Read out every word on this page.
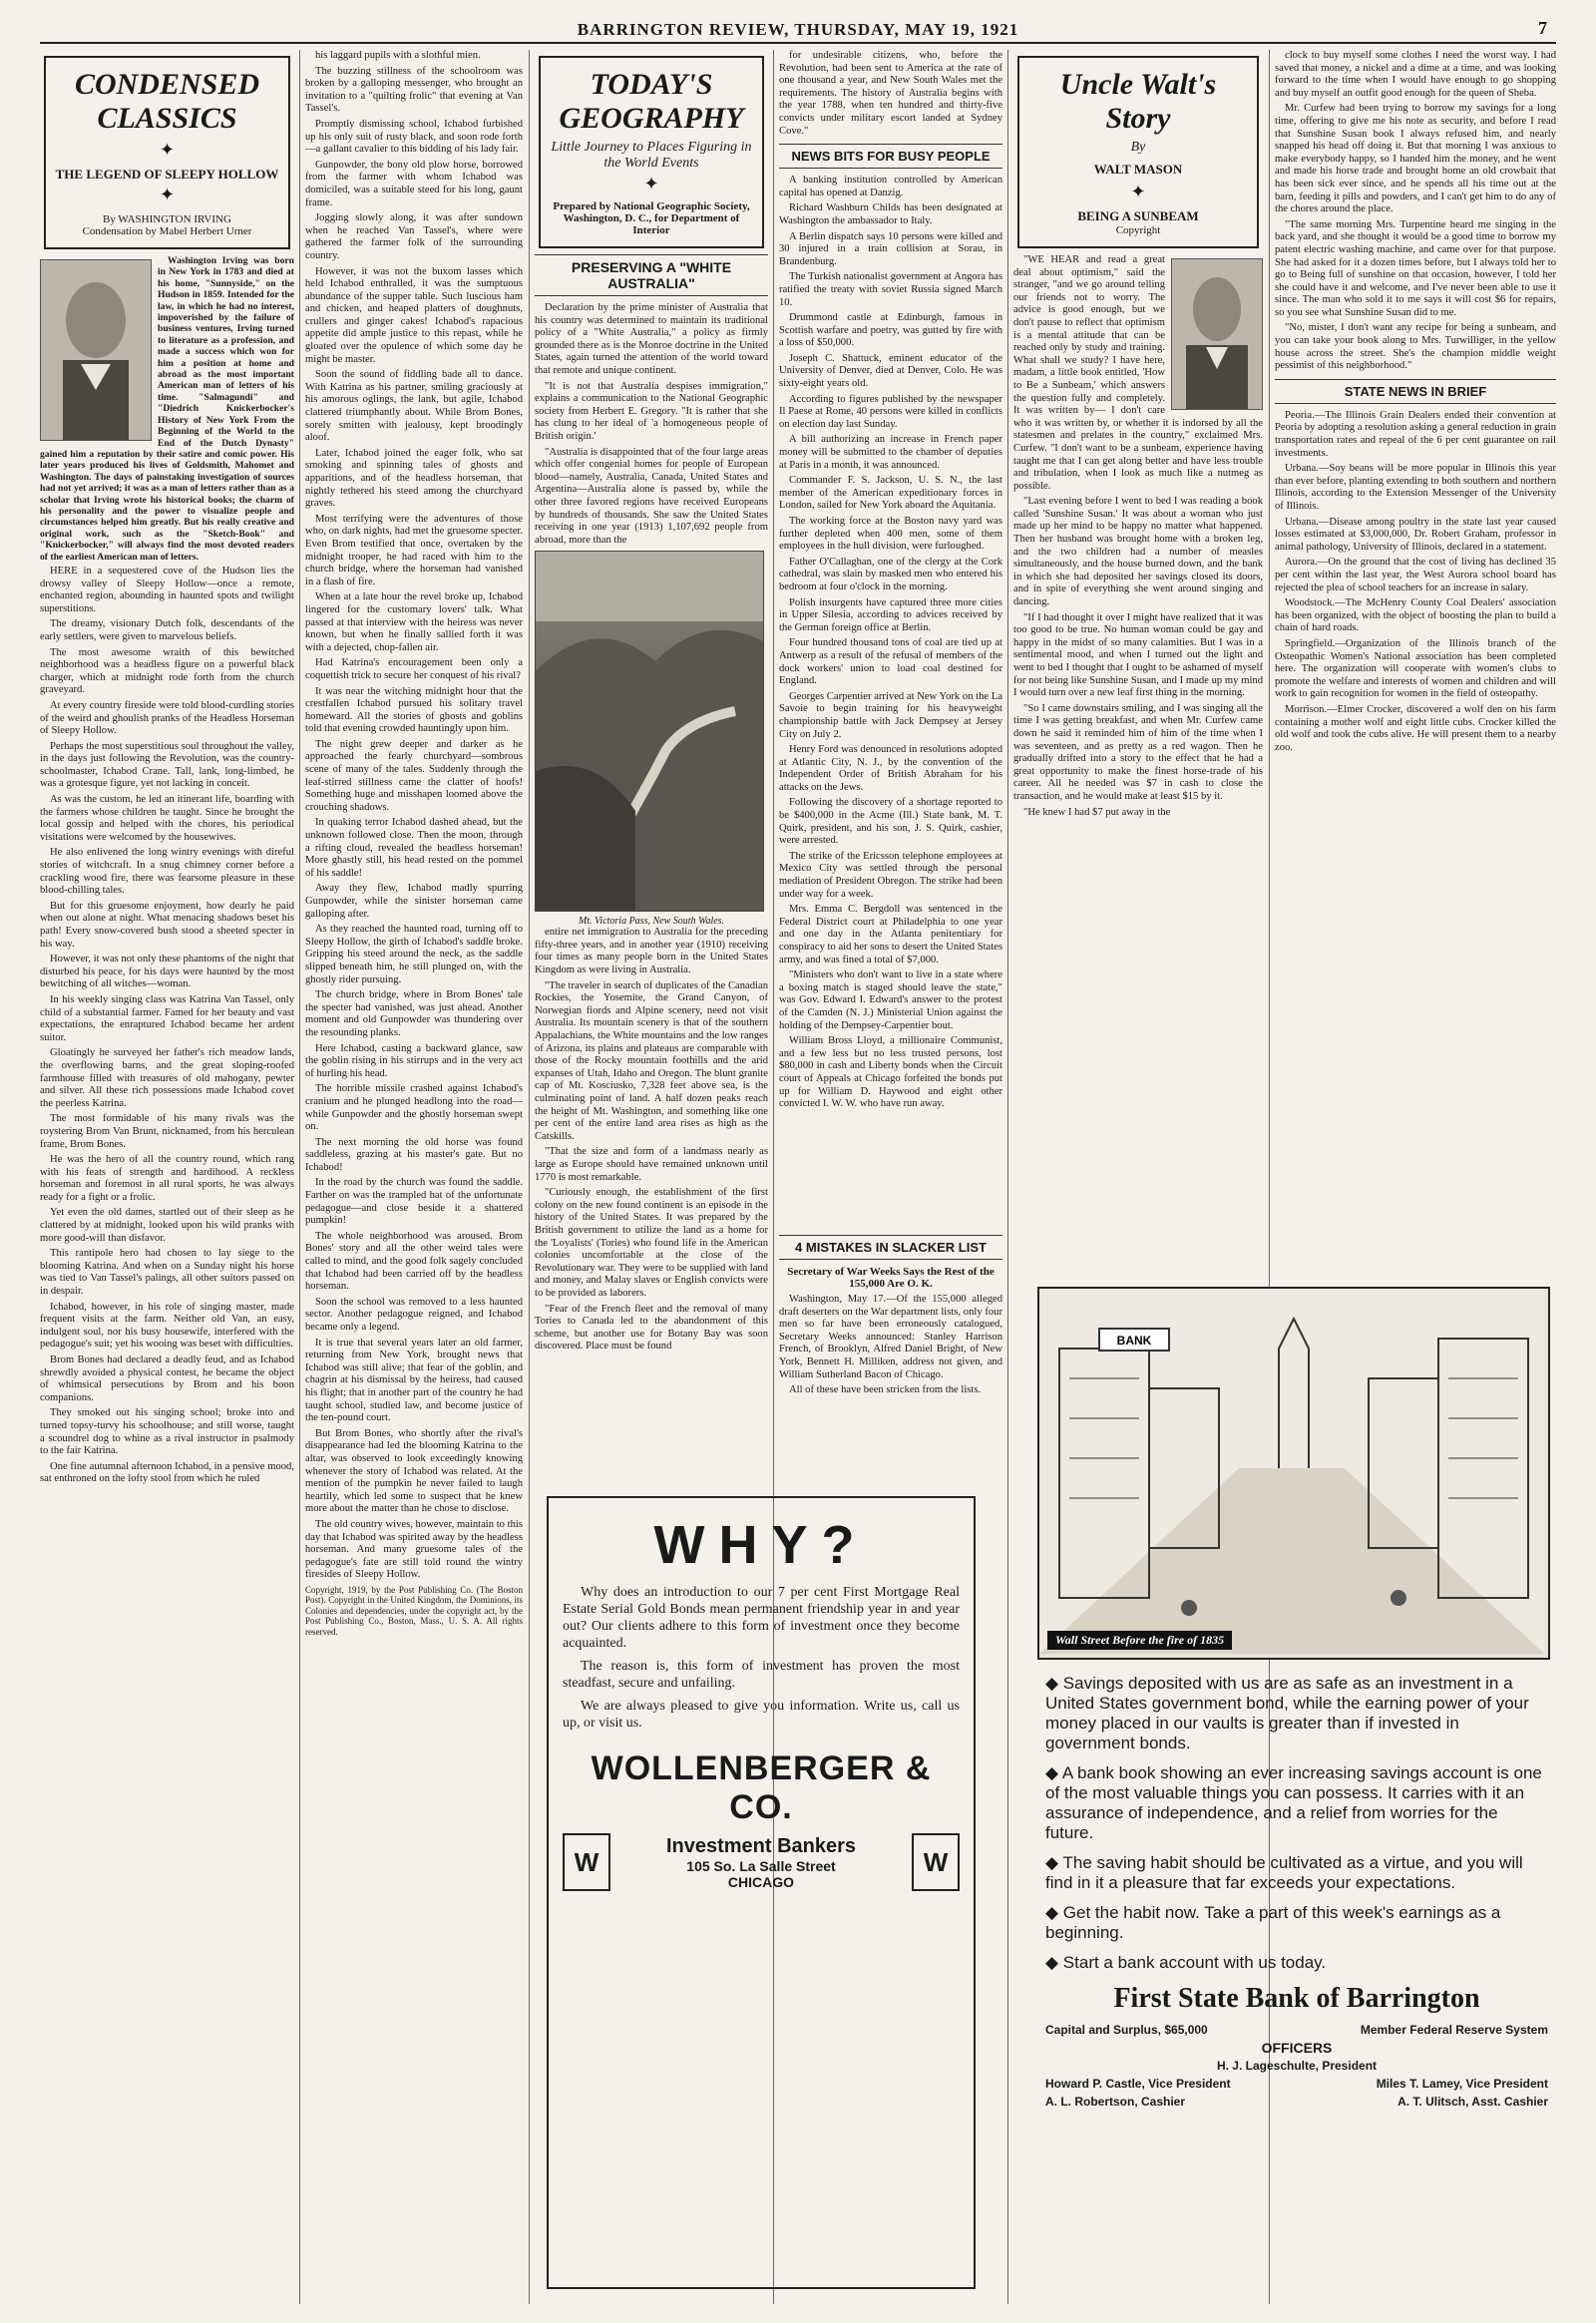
BARRINGTON REVIEW, THURSDAY, MAY 19, 1921	7
CONDENSED
CLASSICS
✦
THE LEGEND OF SLEEPY HOLLOW
✦
By WASHINGTON IRVING
Condensation by Mabel Herbert Urner

Washington Irving was born in New York in 1783 and died at his home, "Sunnyside," on the Hudson in 1859. Intended for the law, in which he had no interest, impoverished by the failure of business ventures, Irving turned to literature as a profession, and made a success which won for him a position at home and abroad as the most important American man of letters of his time. "Salmagundi" and "Diedrich Knickerbocker's History of New York From the Beginning of the World to the End of the Dutch Dynasty" gained him a reputation by their satire and comic power. His later years produced his lives of Goldsmith, Mahomet and Washington. The days of painstaking investigation of sources had not yet arrived; it was as a man of letters rather than as a scholar that Irving wrote his historical books; the charm of his personality and the power to visualize people and circumstances helped him greatly. But his really creative and original work, such as the "Sketch-Book" and "Knickerbocker," will always find the most devoted readers of the earliest American man of letters.

HERE in a sequestered cove of the Hudson lies the drowsy valley of Sleepy Hollow—once a remote, enchanted region, abounding in haunted spots and twilight superstitions.

The dreamy, visionary Dutch folk, descendants of the early settlers, were given to marvelous beliefs.

The most awesome wraith of this bewitched neighborhood was a headless figure on a powerful black charger, which at midnight rode forth from the church graveyard.

At every country fireside were told blood-curdling stories of the weird and ghoulish pranks of the Headless Horseman of Sleepy Hollow.

Perhaps the most superstitious soul throughout the valley, in the days just following the Revolution, was the country-schoolmaster, Ichabod Crane. Tall, lank, long-limbed, he was a grotesque figure, yet not lacking in conceit.

As was the custom, he led an itinerant life, boarding with the farmers whose children he taught. Since he brought the local gossip and helped with the chores, his periodical visitations were welcomed by the housewives.

He also enlivened the long wintry evenings with direful stories of witchcraft. In a snug chimney corner before a crackling wood fire, there was fearsome pleasure in these blood-chilling tales.

But for this gruesome enjoyment, how dearly he paid when out alone at night. What menacing shadows beset his path! Every snow-covered bush stood a sheeted specter in his way.

However, it was not only these phantoms of the night that disturbed his peace, for his days were haunted by the most bewitching of all witches—woman.

In his weekly singing class was Katrina Van Tassel, only child of a substantial farmer. Famed for her beauty and vast expectations, the enraptured Ichabod became her ardent suitor.

Gloatingly he surveyed her father's rich meadow lands, the overflowing barns, and the great sloping-roofed farmhouse filled with treasures of old mahogany, pewter and silver. All these rich possessions made Ichabod covet the peerless Katrina.

The most formidable of his many rivals was the roystering Brom Van Brunt, nicknamed, from his herculean frame, Brom Bones.

He was the hero of all the country round, which rang with his feats of strength and hardihood. A reckless horseman and foremost in all rural sports, he was always ready for a fight or a frolic.

Yet even the old dames, startled out of their sleep as he clattered by at midnight, looked upon his wild pranks with more good-will than disfavor.

This rantipole hero had chosen to lay siege to the blooming Katrina. And when on a Sunday night his horse was tied to Van Tassel's palings, all other suitors passed on in despair.

Ichabod, however, in his role of singing master, made frequent visits at the farm. Neither old Van, an easy, indulgent soul, nor his busy housewife, interfered with the pedagogue's suit; yet his wooing was beset with difficulties.

Brom Bones had declared a deadly feud, and as Ichabod shrewdly avoided a physical contest, he became the object of whimsical persecutions by Brom and his boon companions.

They smoked out his singing school; broke into and turned topsy-turvy his schoolhouse; and still worse, taught a scoundrel dog to whine as a rival instructor in psalmody to the fair Katrina.

One fine autumnal afternoon Ichabod, in a pensive mood, sat enthroned on the lofty stool from which he ruled

his laggard pupils with a slothful mien.

The buzzing stillness of the schoolroom was broken by a galloping messenger, who brought an invitation to a "quilting frolic" that evening at Van Tassel's.

Promptly dismissing school, Ichabod furbished up his only suit of rusty black, and soon rode forth—a gallant cavalier to this bidding of his lady fair.

Gunpowder, the bony old plow horse, borrowed from the farmer with whom Ichabod was domiciled, was a suitable steed for his long, gaunt frame.

Jogging slowly along, it was after sundown when he reached Van Tassel's, where were gathered the farmer folk of the surrounding country.

However, it was not the buxom lasses which held Ichabod enthralled, it was the sumptuous abundance of the supper table. Such luscious ham and chicken, and heaped platters of doughnuts, crullers and ginger cakes! Ichabod's rapacious appetite did ample justice to this repast, while he gloated over the opulence of which some day he might be master.

Soon the sound of fiddling bade all to dance. With Katrina as his partner, smiling graciously at his amorous oglings, the lank, but agile, Ichabod clattered triumphantly about. While Brom Bones, sorely smitten with jealousy, kept broodingly aloof.

Later, Ichabod joined the eager folk, who sat smoking and spinning tales of ghosts and apparitions, and of the headless horseman, that nightly tethered his steed among the churchyard graves.

Most terrifying were the adventures of those who, on dark nights, had met the gruesome specter. Even Brom testified that once, overtaken by the midnight trooper, he had raced with him to the church bridge, where the horseman had vanished in a flash of fire.

When at a late hour the revel broke up, Ichabod lingered for the customary lovers' talk. What passed at that interview with the heiress was never known, but when he finally sallied forth it was with a dejected, chop-fallen air.

Had Katrina's encouragement been only a coquettish trick to secure her conquest of his rival?

It was near the witching midnight hour that the crestfallen Ichabod pursued his solitary travel homeward. All the stories of ghosts and goblins told that evening crowded hauntingly upon him.

The night grew deeper and darker as he approached the fearly churchyard—sombrous scene of many of the tales. Suddenly through the leaf-stirred stillness came the clatter of hoofs! Something huge and misshapen loomed above the crouching shadows.

In quaking terror Ichabod dashed ahead, but the unknown followed close. Then the moon, through a rifting cloud, revealed the headless horseman! More ghastly still, his head rested on the pommel of his saddle!

Away they flew, Ichabod madly spurring Gunpowder, while the sinister horseman came galloping after.

As they reached the haunted road, turning off to Sleepy Hollow, the girth of Ichabod's saddle broke. Gripping his steed around the neck, as the saddle slipped beneath him, he still plunged on, with the ghostly rider pursuing.

The church bridge, where in Brom Bones' tale the specter had vanished, was just ahead. Another moment and old Gunpowder was thundering over the resounding planks.

Here Ichabod, casting a backward glance, saw the goblin rising in his stirrups and in the very act of hurling his head.

The horrible missile crashed against Ichabod's cranium and he plunged headlong into the road—while Gunpowder and the ghostly horseman swept on.

The next morning the old horse was found saddleless, grazing at his master's gate. But no Ichabod!

In the road by the church was found the saddle. Farther on was the trampled hat of the unfortunate pedagogue—and close beside it a shattered pumpkin!

The whole neighborhood was aroused. Brom Bones' story and all the other weird tales were called to mind, and the good folk sagely concluded that Ichabod had been carried off by the headless horseman.

Soon the school was removed to a less haunted sector. Another pedagogue reigned, and Ichabod became only a legend.

It is true that several years later an old farmer, returning from New York, brought news that Ichabod was still alive; that fear of the goblin, and chagrin at his dismissal by the heiress, had caused his flight; that in another part of the country he had taught school, studied law, and become justice of the ten-pound court.

But Brom Bones, who shortly after the rival's disappearance had led the blooming Katrina to the altar, was observed to look exceedingly knowing whenever the story of Ichabod was related. At the mention of the pumpkin he never failed to laugh heartily, which led some to suspect that he knew more about the matter than he chose to disclose.

The old country wives, however, maintain to this day that Ichabod was spirited away by the headless horseman. And many gruesome tales of the pedagogue's fate are still told round the wintry firesides of Sleepy Hollow.

Copyright, 1919, by the Post Publishing Co. (The Boston Post). Copyright in the United Kingdom, the Dominions, its Colonies and dependencies, under the copyright act, by the Post Publishing Co., Boston, Mass., U. S. A. All rights reserved.

TODAY'S
GEOGRAPHY
Little Journey to Places Figuring in the World Events
✦
Prepared by National Geographic Society, Washington, D. C., for Department of Interior
PRESERVING A "WHITE AUSTRALIA"

Declaration by the prime minister of Australia that his country was determined to maintain its traditional policy of a "White Australia," a policy as firmly grounded there as is the Monroe doctrine in the United States, again turned the attention of the world toward that remote and unique continent.

"It is not that Australia despises immigration," explains a communication to the National Geographic society from Herbert E. Gregory. "It is rather that she has clung to her ideal of 'a homogeneous people of British origin.'

"Australia is disappointed that of the four large areas which offer congenial homes for people of European blood—namely, Australia, Canada, United States and Argentina—Australia alone is passed by, while the other three favored regions have received Europeans by hundreds of thousands. She saw the United States receiving in one year (1913) 1,107,692 people from abroad, more than the

Mt. Victoria Pass, New South Wales.

entire net immigration to Australia for the preceding fifty-three years, and in another year (1910) receiving four times as many people born in the United States Kingdom as were living in Australia.

"The traveler in search of duplicates of the Canadian Rockies, the Yosemite, the Grand Canyon, of Norwegian fiords and Alpine scenery, need not visit Australia. Its mountain scenery is that of the southern Appalachians, the White mountains and the low ranges of Arizona, its plains and plateaus are comparable with those of the Rocky mountain foothills and the arid expanses of Utah, Idaho and Oregon. The blunt granite cap of Mt. Kosciusko, 7,328 feet above sea, is the culminating point of land. A half dozen peaks reach the height of Mt. Washington, and something like one per cent of the entire land area rises as high as the Catskills.

"That the size and form of a landmass nearly as large as Europe should have remained unknown until 1770 is most remarkable.

"Curiously enough, the establishment of the first colony on the new found continent is an episode in the history of the United States. It was prepared by the British government to utilize the land as a home for the 'Loyalists' (Tories) who found life in the American colonies uncomfortable at the close of the Revolutionary war. They were to be supplied with land and money, and Malay slaves or English convicts were to be provided as laborers.

"Fear of the French fleet and the removal of many Tories to Canada led to the abandonment of this scheme, but another use for Botany Bay was soon discovered. Place must be found

for undesirable citizens, who, before the Revolution, had been sent to America at the rate of one thousand a year, and New South Wales met the requirements. The history of Australia begins with the year 1788, when ten hundred and thirty-five convicts under military escort landed at Sydney Cove."

NEWS BITS FOR BUSY PEOPLE

A banking institution controlled by American capital has opened at Danzig.

Richard Washburn Childs has been designated at Washington the ambassador to Italy.

A Berlin dispatch says 10 persons were killed and 30 injured in a train collision at Sorau, in Brandenburg.

The Turkish nationalist government at Angora has ratified the treaty with soviet Russia signed March 10.

Drummond castle at Edinburgh, famous in Scottish warfare and poetry, was gutted by fire with a loss of $50,000.

Joseph C. Shattuck, eminent educator of the University of Denver, died at Denver, Colo. He was sixty-eight years old.

According to figures published by the newspaper Il Paese at Rome, 40 persons were killed in conflicts on election day last Sunday.

A bill authorizing an increase in French paper money will be submitted to the chamber of deputies at Paris in a month, it was announced.

Commander F. S. Jackson, U. S. N., the last member of the American expeditionary forces in London, sailed for New York aboard the Aquitania.

The working force at the Boston navy yard was further depleted when 400 men, some of them employees in the hull division, were furloughed.

Father O'Callaghan, one of the clergy at the Cork cathedral, was slain by masked men who entered his bedroom at four o'clock in the morning.

Polish insurgents have captured three more cities in Upper Silesia, according to advices received by the German foreign office at Berlin.

Four hundred thousand tons of coal are tied up at Antwerp as a result of the refusal of members of the dock workers' union to load coal destined for England.

Georges Carpentier arrived at New York on the La Savoie to begin training for his heavyweight championship battle with Jack Dempsey at Jersey City on July 2.

Henry Ford was denounced in resolutions adopted at Atlantic City, N. J., by the convention of the Independent Order of British Abraham for his attacks on the Jews.

Following the discovery of a shortage reported to be $400,000 in the Acme (Ill.) State bank, M. T. Quirk, president, and his son, J. S. Quirk, cashier, were arrested.

The strike of the Ericsson telephone employees at Mexico City was settled through the personal mediation of President Obregon. The strike had been under way for a week.

Mrs. Emma C. Bergdoll was sentenced in the Federal District court at Philadelphia to one year and one day in the Atlanta penitentiary for conspiracy to aid her sons to desert the United States army, and was fined a total of $7,000.

"Ministers who don't want to live in a state where a boxing match is staged should leave the state," was Gov. Edward I. Edward's answer to the protest of the Camden (N. J.) Ministerial Union against the holding of the Dempsey-Carpentier bout.

William Bross Lloyd, a millionaire Communist, and a few less but no less trusted persons, lost $80,000 in cash and Liberty bonds when the Circuit court of Appeals at Chicago forfeited the bonds put up for William D. Haywood and eight other convicted I. W. W. who have run away.

4 MISTAKES IN SLACKER LIST
Secretary of War Weeks Says the Rest of the 155,000 Are O. K.

Washington, May 17.—Of the 155,000 alleged draft deserters on the War department lists, only four men so far have been erroneously catalogued, Secretary Weeks announced: Stanley Harrison French, of Brooklyn, Alfred Daniel Bright, of New York, Bennett H. Milliken, address not given, and William Sutherland Bacon of Chicago.

All of these have been stricken from the lists.

Uncle Walt's
Story
By
WALT MASON
✦
BEING A SUNBEAM
Copyright

"WE HEAR and read a great deal about optimism," said the stranger, "and we go around telling our friends not to worry. The advice is good enough, but we don't pause to reflect that optimism is a mental attitude that can be reached only by study and training. What shall we study? I have here, madam, a little book entitled, 'How to Be a Sunbeam,' which answers the question fully and completely. It was written by— I don't care who it was written by, or whether it is indorsed by all the statesmen and prelates in the country," exclaimed Mrs. Curfew. "I don't want to be a sunbeam, experience having taught me that I can get along better and have less trouble and tribulation, when I look as much like a nutmeg as possible.

"Last evening before I went to bed I was reading a book called 'Sunshine Susan.' It was about a woman who just made up her mind to be happy no matter what happened. Then her husband was brought home with a broken leg, and the two children had a number of measles simultaneously, and the house burned down, and the bank in which she had deposited her savings closed its doors, and in spite of everything she went around singing and dancing.

"If I had thought it over I might have realized that it was too good to be true. No human woman could be gay and happy in the midst of so many calamities. But I was in a sentimental mood, and when I turned out the light and went to bed I thought that I ought to be ashamed of myself for not being like Sunshine Susan, and I made up my mind I would turn over a new leaf first thing in the morning.

"So I came downstairs smiling, and I was singing all the time I was getting breakfast, and when Mr. Curfew came down he said it reminded him of him of the time when I was seventeen, and as pretty as a red wagon. Then he gradually drifted into a story to the effect that he had a great opportunity to make the finest horse-trade of his career. All he needed was $7 in cash to close the transaction, and he would make at least $15 by it.

"He knew I had $7 put away in the

clock to buy myself some clothes I need the worst way. I had saved that money, a nickel and a dime at a time, and was looking forward to the time when I would have enough to go shopping and buy myself an outfit good enough for the queen of Sheba.

Mr. Curfew had been trying to borrow my savings for a long time, offering to give me his note as security, and before I read that Sunshine Susan book I always refused him, and nearly snapped his head off doing it. But that morning I was anxious to make everybody happy, so I handed him the money, and he went and made his horse trade and brought home an old crowbait that has been sick ever since, and he spends all his time out at the barn, feeding it pills and powders, and I can't get him to do any of the chores around the place.

"The same morning Mrs. Turpentine heard me singing in the back yard, and she thought it would be a good time to borrow my patent electric washing machine, and came over for that purpose. She had asked for it a dozen times before, but I always told her to go to Being full of sunshine on that occasion, however, I told her she could have it and welcome, and I've never been able to use it since. The man who sold it to me says it will cost $6 for repairs, so you see what Sunshine Susan did to me.

"No, mister, I don't want any recipe for being a sunbeam, and you can take your book along to Mrs. Turwilliger, in the yellow house across the street. She's the champion middle weight pessimist of this neighborhood."

STATE NEWS IN BRIEF

Peoria.—The Illinois Grain Dealers ended their convention at Peoria by adopting a resolution asking a general reduction in grain transportation rates and repeal of the 6 per cent guarantee on rail investments.

Urbana.—Soy beans will be more popular in Illinois this year than ever before, planting extending to both southern and northern Illinois, according to the Extension Messenger of the University of Illinois.

Urbana.—Disease among poultry in the state last year caused losses estimated at $3,000,000, Dr. Robert Graham, professor in animal pathology, University of Illinois, declared in a statement.

Aurora.—On the ground that the cost of living has declined 35 per cent within the last year, the West Aurora school board has rejected the plea of school teachers for an increase in salary.

Woodstock.—The McHenry County Coal Dealers' association has been organized, with the object of boosting the plan to build a chain of hard roads.

Springfield.—Organization of the Illinois branch of the Osteopathic Women's National association has been completed here. The organization will cooperate with women's clubs to promote the welfare and interests of women and children and will work to gain recognition for women in the field of osteopathy.

Morrison.—Elmer Crocker, discovered a wolf den on his farm containing a mother wolf and eight little cubs. Crocker killed the old wolf and took the cubs alive. He will present them to a nearby zoo.

WHY?

Why does an introduction to our 7 per cent First Mortgage Real Estate Serial Gold Bonds mean permanent friendship year in and year out? Our clients adhere to this form of investment once they become acquainted.

The reason is, this form of investment has proven the most steadfast, secure and unfailing.

We are always pleased to give you information. Write us, call us up, or visit us.

WOLLENBERGER & CO.
W
Investment Bankers
105 So. La Salle Street
CHICAGO
W
BANK
Wall Street Before the fire of 1835
◆ Savings deposited with us are as safe as an investment in a United States government bond, while the earning power of your money placed in our vaults is greater than if invested in government bonds.
◆ A bank book showing an ever increasing savings account is one of the most valuable things you can possess. It carries with it an assurance of independence, and a relief from worries for the future.
◆ The saving habit should be cultivated as a virtue, and you will find in it a pleasure that far exceeds your expectations.
◆ Get the habit now. Take a part of this week's earnings as a beginning.
◆ Start a bank account with us today.
First State Bank of Barrington
Capital and Surplus, $65,000	Member Federal Reserve System
OFFICERS
H. J. Lageschulte, President
Howard P. Castle, Vice President	Miles T. Lamey, Vice President
A. L. Robertson, Cashier	A. T. Ulitsch, Asst. Cashier
